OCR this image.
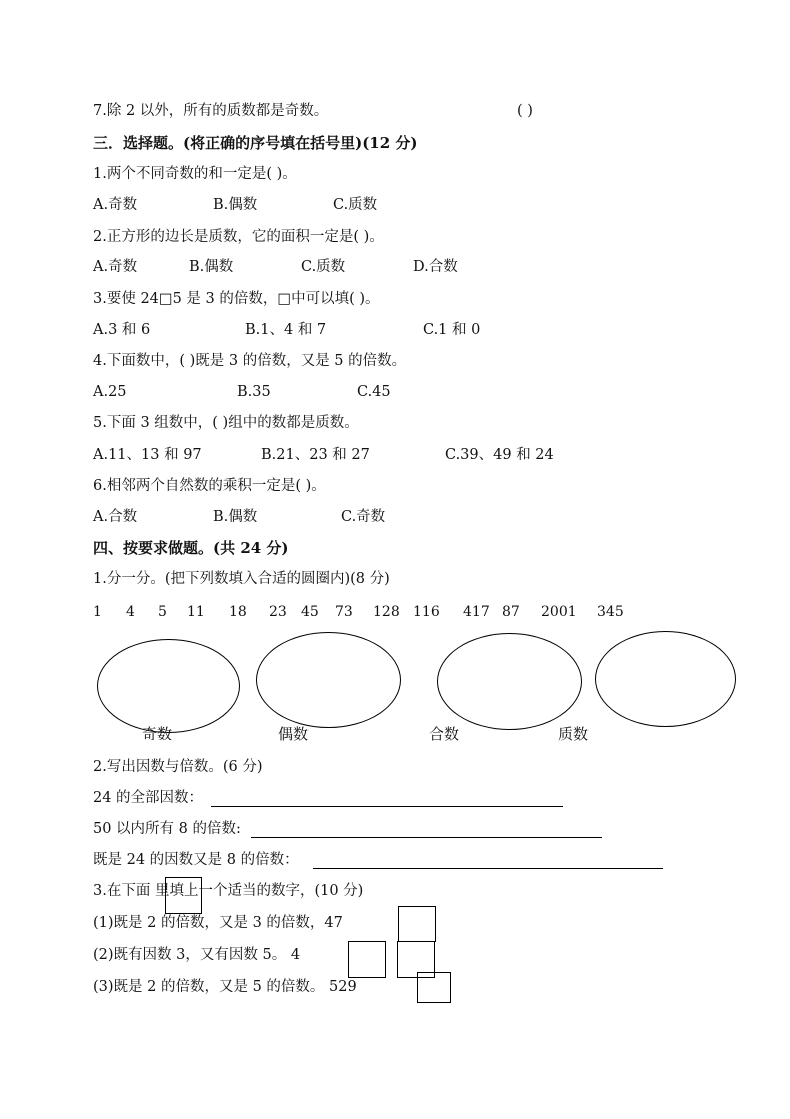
7.除 2 以外，所有的质数都是奇数。	( )
三．选择题。(将正确的序号填在括号里)(12 分)
1.两个不同奇数的和一定是( )。
A.奇数	B.偶数	C.质数
2.正方形的边长是质数，它的面积一定是( )。
A.奇数	B.偶数	C.质数	D.合数
3.要使 24□5 是 3 的倍数，□中可以填( )。
A.3 和 6	B.1、4 和 7	C.1 和 0
4.下面数中，( )既是 3 的倍数，又是 5 的倍数。
A.25	B.35	C.45
5.下面 3 组数中，( )组中的数都是质数。
A.11、13 和 97	B.21、23 和 27	C.39、49 和 24
6.相邻两个自然数的乘积一定是( )。
A.合数	B.偶数	C.奇数
四、按要求做题。(共 24 分)
1.分一分。(把下列数填入合适的圆圈内)(8 分)
1 4 5 11 18 23 45 73 128 116 417 87 2001 345
奇数	偶数	合数	质数
2.写出因数与倍数。(6 分)
24 的全部因数：
50 以内所有 8 的倍数:
既是 24 的因数又是 8 的倍数：
3.在下面 里填上一个适当的数字，(10 分)
(1)既是 2 的倍数，又是 3 的倍数，47
(2)既有因数 3，又有因数 5。 4
(3)既是 2 的倍数，又是 5 的倍数。 529
